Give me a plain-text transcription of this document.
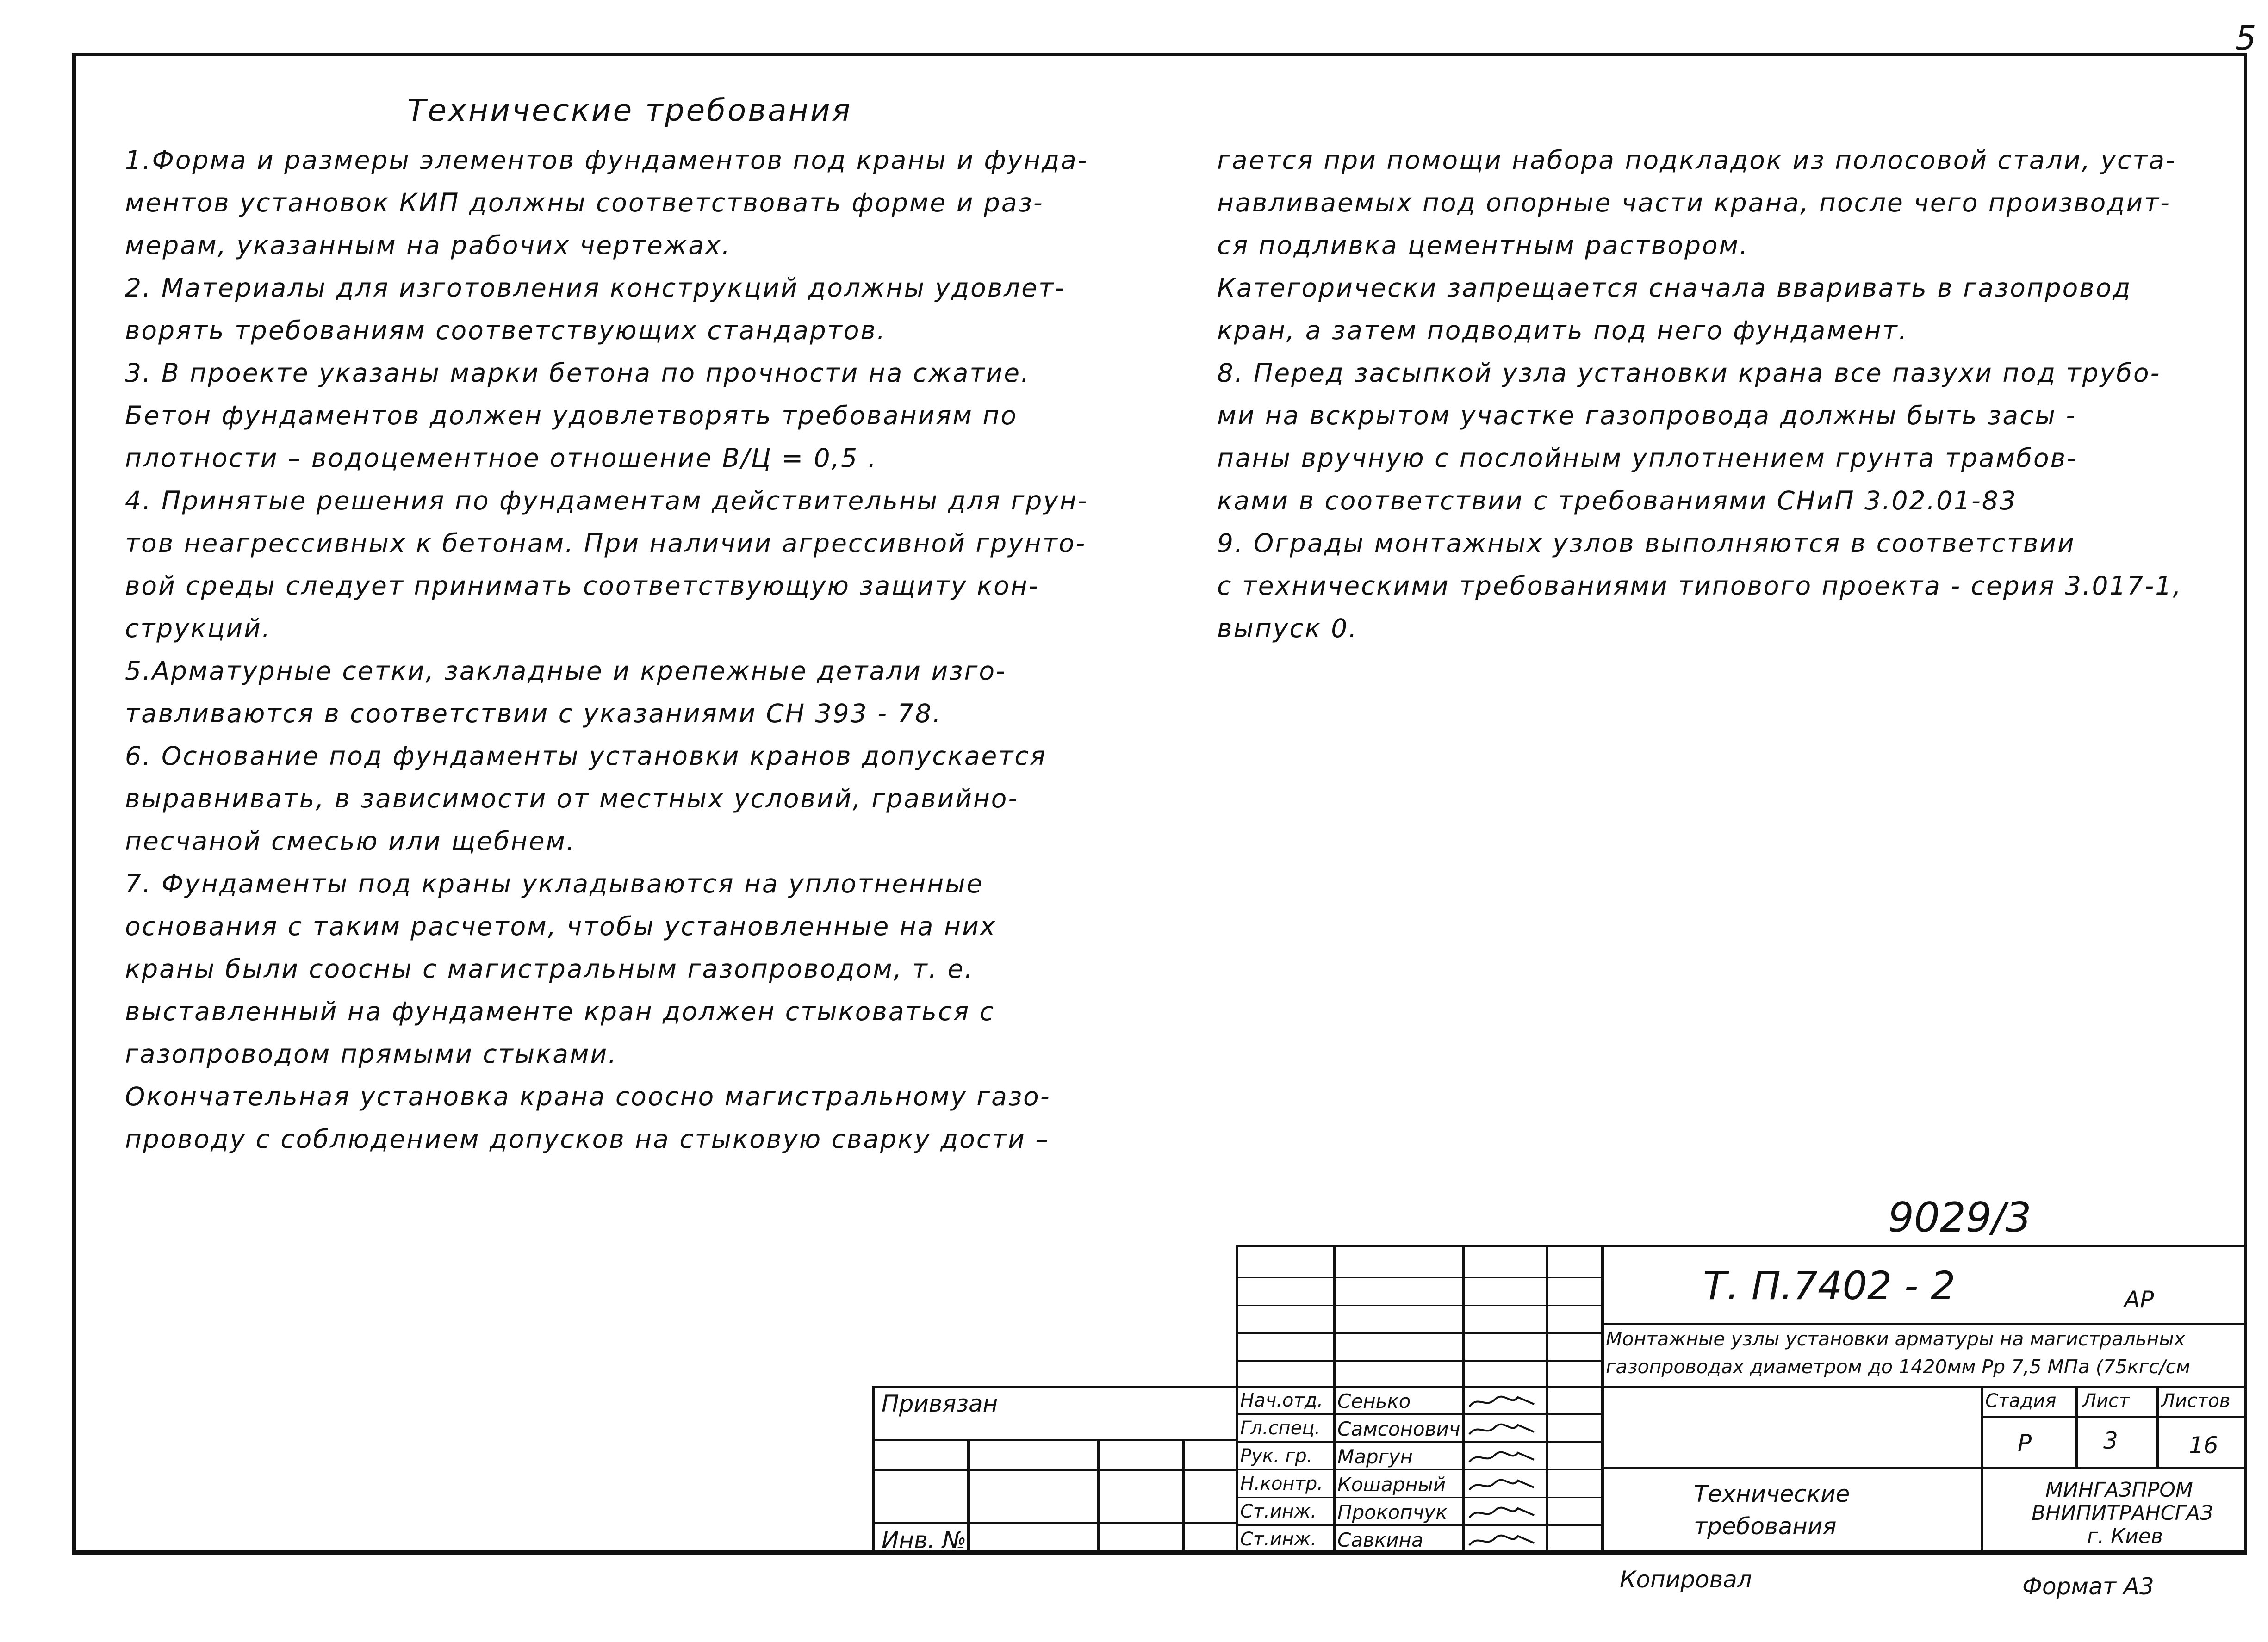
5
Технические требования

1.Форма и размеры элементов фундаментов под краны и фунда-

ментов установок КИП должны соответствовать форме и раз-

мерам, указанным на рабочих чертежах.

2. Материалы для изготовления конструкций должны удовлет-

ворять требованиям соответствующих стандартов.

3. В проекте указаны марки бетона по прочности на сжатие.

Бетон фундаментов должен удовлетворять требованиям по

плотности – водоцементное отношение В/Ц = 0,5 .

4. Принятые решения по фундаментам действительны для грун-

тов неагрессивных к бетонам. При наличии агрессивной грунто-

вой среды следует принимать соответствующую защиту кон-

струкций.

5.Арматурные сетки, закладные и крепежные детали изго-

тавливаются в соответствии с указаниями СН 393 - 78.

6. Основание под фундаменты установки кранов допускается

выравнивать, в зависимости от местных условий, гравийно-

песчаной смесью или щебнем.

7. Фундаменты под краны укладываются на уплотненные

основания с таким расчетом, чтобы установленные на них

краны были соосны с магистральным газопроводом, т. е.

выставленный на фундаменте кран должен стыковаться с

газопроводом прямыми стыками.

Окончательная установка крана соосно магистральному газо-

проводу с соблюдением допусков на стыковую сварку дости –

гается при помощи набора подкладок из полосовой стали, уста-

навливаемых под опорные части крана, после чего производит-

ся подливка цементным раствором.

Категорически запрещается сначала вваривать в газопровод

кран, а затем подводить под него фундамент.

8. Перед засыпкой узла установки крана все пазухи под трубо-

ми на вскрытом участке газопровода должны быть засы -

паны вручную с послойным уплотнением грунта трамбов-

ками в соответствии с требованиями СНиП 3.02.01-83

9. Ограды монтажных узлов выполняются в соответствии

с техническими требованиями типового проекта - серия 3.017-1,

выпуск 0.

9029/3
Т. П.7402 - 2	АР
Монтажные узлы установки арматуры на магистральных
газопроводах диаметром до 1420мм Рр 7,5 МПа (75кгс/см
Привязан
Инв. №
Нач.отд. Сенько
Гл.спец. Самсонович
Рук. гр. Маргун
Н.контр. Кошарный
Ст.инж. Прокопчук
Ст.инж. Савкина
Технические
требования
Стадия Лист Листов
Р	3	16
МИНГАЗПРОМ
ВНИПИТРАНСГАЗ
г. Киев
Копировал	Формат А3
